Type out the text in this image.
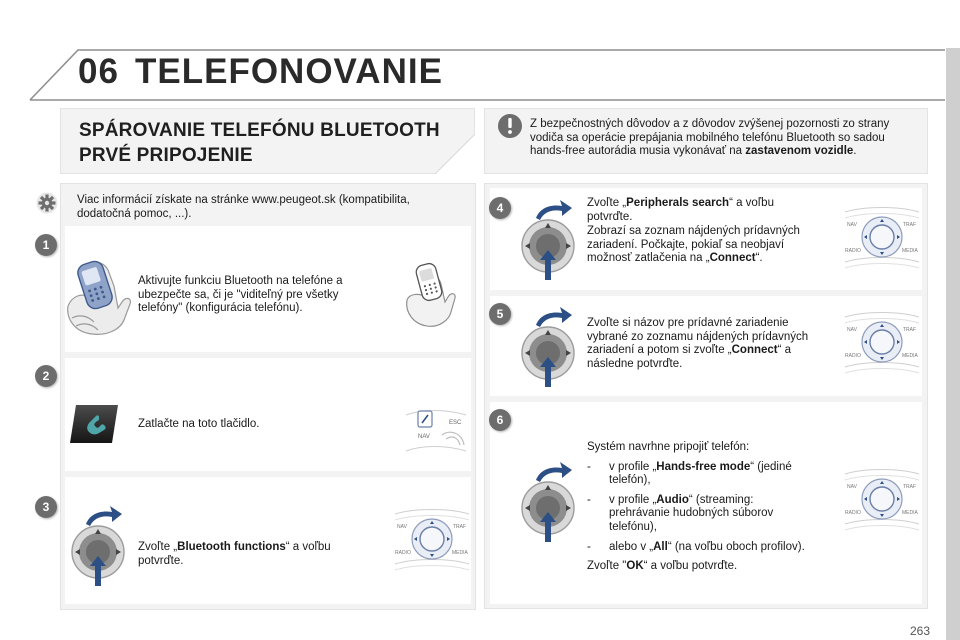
06 TELEFONOVANIE
SPÁROVANIE TELEFÓNU BLUETOOTH
PRVÉ PRIPOJENIE
Z bezpečnostných dôvodov a z dôvodov zvýšenej pozornosti zo strany vodiča sa operácie prepájania mobilného telefónu Bluetooth so sadou hands-free autorádia musia vykonávať na zastavenom vozidle.
Viac informácií získate na stránke www.peugeot.sk (kompatibilita, dodatočná pomoc, ...).
1
Aktivujte funkciu Bluetooth na telefóne a ubezpečte sa, či je "viditeľný pre všetky telefóny" (konfigurácia telefónu).
2
Zatlačte na toto tlačidlo.	ESC
NAV
3
Zvoľte „Bluetooth functions“ a voľbu potvrďte.
NAV	TRAF
RADIO	MEDIA
4	Zvoľte „Peripherals search“ a voľbu potvrďte.
Zobrazí sa zoznam nájdených prídavných zariadení. Počkajte, pokiaľ sa neobjaví možnosť zatlačenia na „Connect“.
NAV	TRAF
RADIO	MEDIA
5
Zvoľte si názov pre prídavné zariadenie vybrané zo zoznamu nájdených prídavných zariadení a potom si zvoľte „Connect“ a následne potvrďte.
NAV	TRAF
RADIO	MEDIA
6
Systém navrhne pripojiť telefón:
- v profile „Hands-free mode“ (jediné telefón),
- v profile „Audio“ (streaming: prehrávanie hudobných súborov telefónu),
- alebo v „All“ (na voľbu oboch profilov).
Zvoľte "OK“ a voľbu potvrďte.
NAV	TRAF
RADIO	MEDIA
263
